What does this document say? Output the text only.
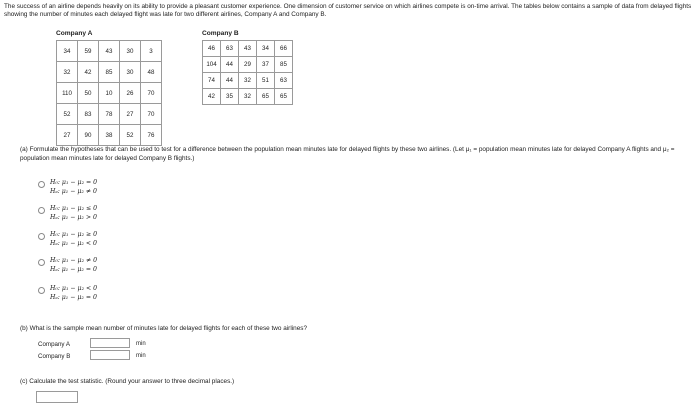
The success of an airline depends heavily on its ability to provide a pleasant customer experience. One dimension of customer service on which airlines compete is on-time arrival. The tables below contains a sample of data from delayed flights showing the number of minutes each delayed flight was late for two different airlines, Company A and Company B.
Company A
34	59	43	30	3
32	42	85	30	48
110	50	10	26	70
52	83	78	27	70
27	90	38	52	76
Company B
46	63	43	34	66
104	44	29	37	85
74	44	32	51	63
42	35	32	65	65
(a) Formulate the hypotheses that can be used to test for a difference between the population mean minutes late for delayed flights by these two airlines. (Let μ₁ = population mean minutes late for delayed Company A flights and μ₂ = population mean minutes late for delayed Company B flights.)
H₀: μ₁ − μ₂ = 0
Hₐ: μ₁ − μ₂ ≠ 0
H₀: μ₁ − μ₂ ≤ 0
Hₐ: μ₁ − μ₂ > 0
H₀: μ₁ − μ₂ ≥ 0
Hₐ: μ₁ − μ₂ < 0
H₀: μ₁ − μ₂ ≠ 0
Hₐ: μ₁ − μ₂ = 0
H₀: μ₁ − μ₂ < 0
Hₐ: μ₁ − μ₂ = 0
(b) What is the sample mean number of minutes late for delayed flights for each of these two airlines?
Company A	min
Company B	min
(c) Calculate the test statistic. (Round your answer to three decimal places.)
